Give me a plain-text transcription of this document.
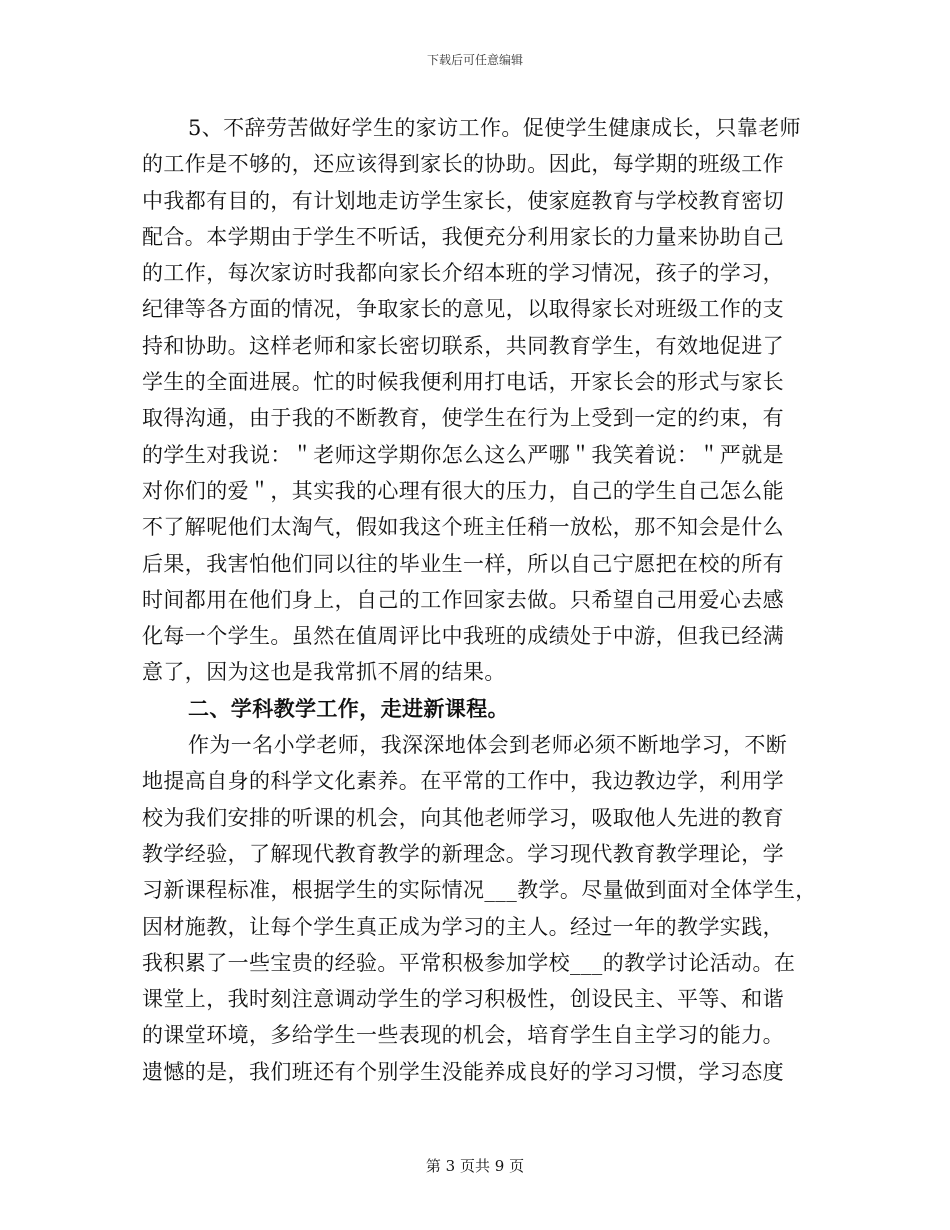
下载后可任意编辑
5、不辞劳苦做好学生的家访工作。促使学生健康成长，只靠老师
的工作是不够的，还应该得到家长的协助。因此，每学期的班级工作
中我都有目的，有计划地走访学生家长，使家庭教育与学校教育密切
配合。本学期由于学生不听话，我便充分利用家长的力量来协助自己
的工作，每次家访时我都向家长介绍本班的学习情况，孩子的学习，
纪律等各方面的情况，争取家长的意见，以取得家长对班级工作的支
持和协助。这样老师和家长密切联系，共同教育学生，有效地促进了
学生的全面进展。忙的时候我便利用打电话，开家长会的形式与家长
取得沟通，由于我的不断教育，使学生在行为上受到一定的约束，有
的学生对我说：＂老师这学期你怎么这么严哪＂我笑着说：＂严就是
对你们的爱＂，其实我的心理有很大的压力，自己的学生自己怎么能
不了解呢他们太淘气，假如我这个班主任稍一放松，那不知会是什么
后果，我害怕他们同以往的毕业生一样，所以自己宁愿把在校的所有
时间都用在他们身上，自己的工作回家去做。只希望自己用爱心去感
化每一个学生。虽然在值周评比中我班的成绩处于中游，但我已经满
意了，因为这也是我常抓不屑的结果。
二、学科教学工作，走进新课程。
作为一名小学老师，我深深地体会到老师必须不断地学习，不断
地提高自身的科学文化素养。在平常的工作中，我边教边学，利用学
校为我们安排的听课的机会，向其他老师学习，吸取他人先进的教育
教学经验，了解现代教育教学的新理念。学习现代教育教学理论，学
习新课程标准，根据学生的实际情况___教学。尽量做到面对全体学生，
因材施教，让每个学生真正成为学习的主人。经过一年的教学实践，
我积累了一些宝贵的经验。平常积极参加学校___的教学讨论活动。在
课堂上，我时刻注意调动学生的学习积极性，创设民主、平等、和谐
的课堂环境，多给学生一些表现的机会，培育学生自主学习的能力。
遗憾的是，我们班还有个别学生没能养成良好的学习习惯，学习态度
第 3 页共 9 页
